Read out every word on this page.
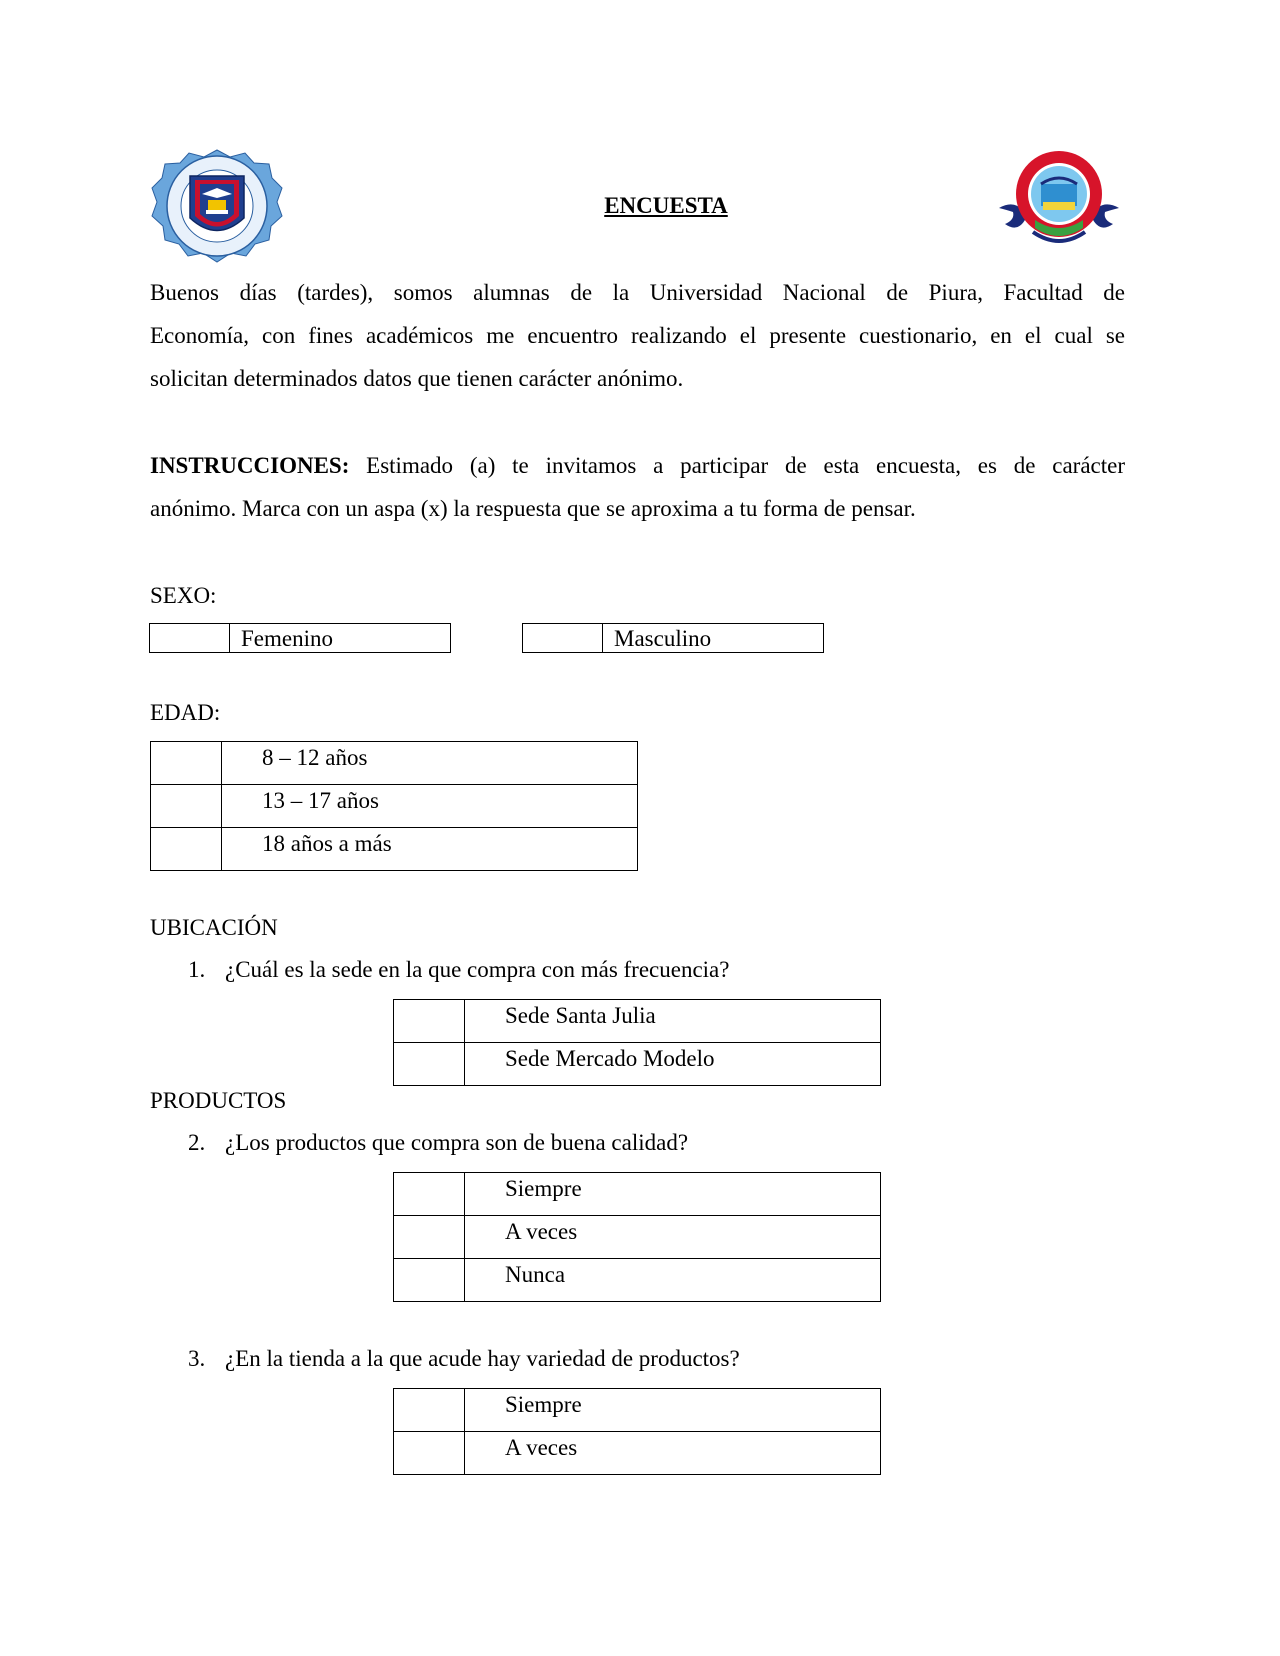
ENCUESTA
Buenos días (tardes), somos alumnas de la Universidad Nacional de Piura, Facultad de
Economía, con fines académicos me encuentro realizando el presente cuestionario, en el cual se
solicitan determinados datos que tienen carácter anónimo.
INSTRUCCIONES: Estimado (a) te invitamos a participar de esta encuesta, es de carácter
anónimo. Marca con un aspa (x) la respuesta que se aproxima a tu forma de pensar.
SEXO:
Femenino	Masculino
EDAD:
	8 – 12 años
	13 – 17 años
	18 años a más
UBICACIÓN
1. ¿Cuál es la sede en la que compra con más frecuencia?
	Sede Santa Julia
	Sede Mercado Modelo
PRODUCTOS
2. ¿Los productos que compra son de buena calidad?
	Siempre
	A veces
	Nunca
3. ¿En la tienda a la que acude hay variedad de productos?
	Siempre
	A veces
